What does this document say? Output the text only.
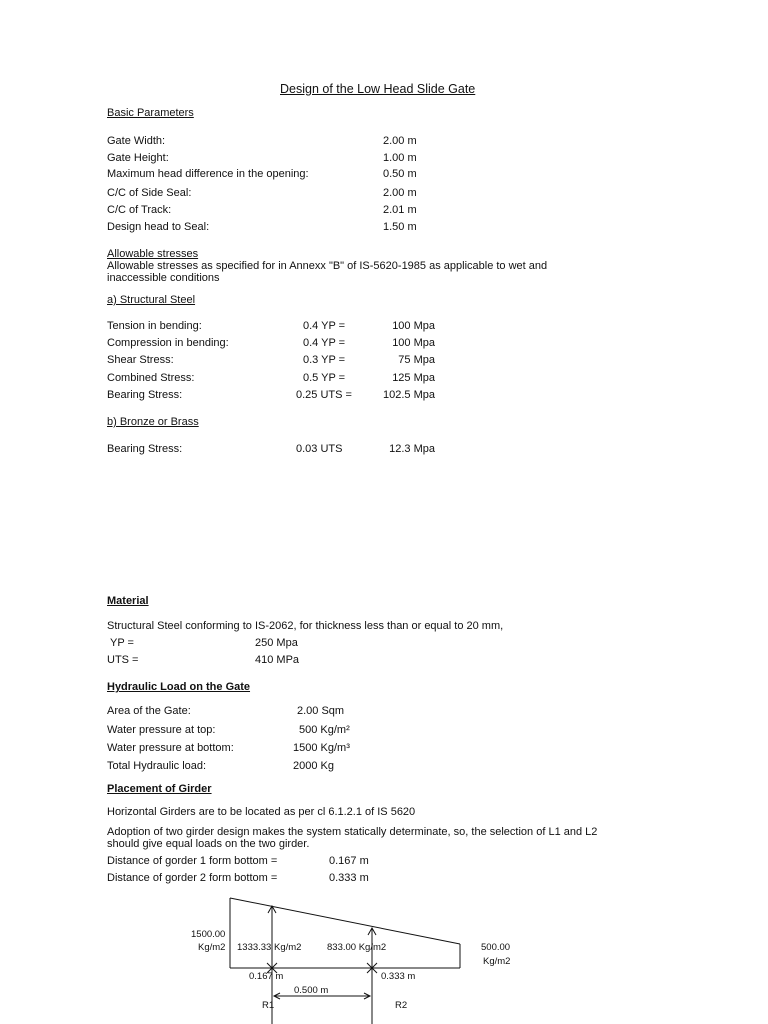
Design of the Low Head Slide Gate
Basic Parameters
Gate Width:	2.00 m
Gate Height:	1.00 m
Maximum head difference in the opening:	0.50 m
C/C of Side Seal:	2.00 m
C/C of Track:	2.01 m
Design head to Seal:	1.50 m
Allowable stresses
Allowable stresses as specified for in Annexx "B" of IS-5620-1985 as applicable to wet and
inaccessible conditions
a) Structural Steel
Tension in bending:	0.4 YP =	100 Mpa
Compression in bending:	0.4 YP =	100 Mpa
Shear Stress:	0.3 YP =	75 Mpa
Combined Stress:	0.5 YP =	125 Mpa
Bearing Stress:	0.25 UTS =	102.5 Mpa
b) Bronze or Brass
Bearing Stress:	0.03 UTS	12.3 Mpa
Material
Structural Steel conforming to IS-2062, for thickness less than or equal to 20 mm,
YP =	250 Mpa
UTS =	410 MPa
Hydraulic Load on the Gate
Area of the Gate:	2.00 Sqm
Water pressure at top:	500 Kg/m²
Water pressure at bottom:	1500 Kg/m³
Total Hydraulic load:	2000 Kg
Placement of Girder
Horizontal Girders are to be located as per cl 6.1.2.1 of IS 5620
Adoption of two girder design makes the system statically determinate, so, the selection of L1 and L2
should give equal loads on the two girder.
Distance of gorder 1 form bottom =	0.167 m
Distance of gorder 2 form bottom =	0.333 m
1500.00
Kg/m2 1333.33 Kg/m2	833.00 Kg/m2	500.00
Kg/m2
0.167 m	0.333 m
0.500 m
R1	R2
